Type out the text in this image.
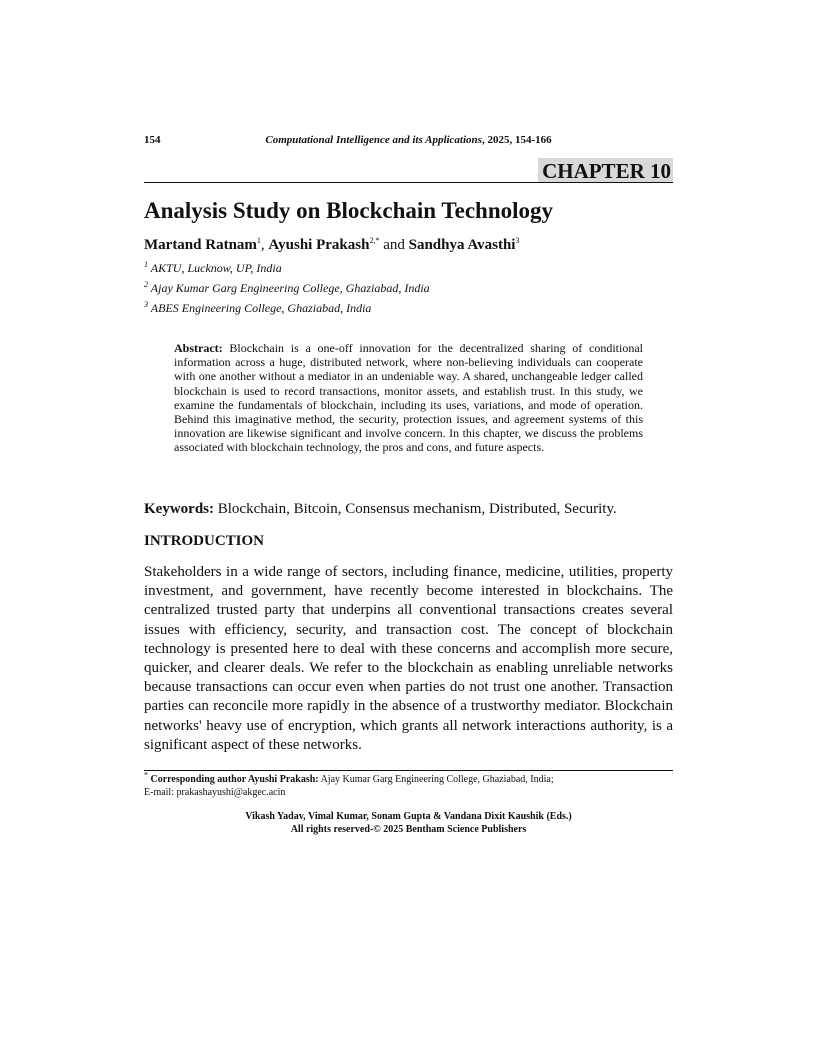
154	Computational Intelligence and its Applications, 2025, 154-166
CHAPTER 10
Analysis Study on Blockchain Technology
Martand Ratnam$^1$, Ayushi Prakash$^{2,*}$ and Sandhya Avasthi$^3$
$^1$ AKTU, Lucknow, UP, India
$^2$ Ajay Kumar Garg Engineering College, Ghaziabad, India
$^3$ ABES Engineering College, Ghaziabad, India

Abstract: Blockchain is a one-off innovation for the decentralized sharing of conditional information across a huge, distributed network, where non-believing individuals can cooperate with one another without a mediator in an undeniable way. A shared, unchangeable ledger called blockchain is used to record transactions, monitor assets, and establish trust. In this study, we examine the fundamentals of blockchain, including its uses, variations, and mode of operation. Behind this imaginative method, the security, protection issues, and agreement systems of this innovation are likewise significant and involve concern. In this chapter, we discuss the problems associated with blockchain technology, the pros and cons, and future aspects.

Keywords: Blockchain, Bitcoin, Consensus mechanism, Distributed, Security.
INTRODUCTION

Stakeholders in a wide range of sectors, including finance, medicine, utilities, property investment, and government, have recently become interested in blockchains. The centralized trusted party that underpins all conventional transactions creates several issues with efficiency, security, and transaction cost. The concept of blockchain technology is presented here to deal with these concerns and accomplish more secure, quicker, and clearer deals. We refer to the blockchain as enabling unreliable networks because transactions can occur even when parties do not trust one another. Transaction parties can reconcile more rapidly in the absence of a trustworthy mediator. Blockchain networks' heavy use of encryption, which grants all network interactions authority, is a significant aspect of these networks.

* Corresponding author Ayushi Prakash: Ajay Kumar Garg Engineering College, Ghaziabad, India;
E-mail: prakashayushi@akgec.acin
Vikash Yadav, Vimal Kumar, Sonam Gupta & Vandana Dixit Kaushik (Eds.)
All rights reserved-© 2025 Bentham Science Publishers
